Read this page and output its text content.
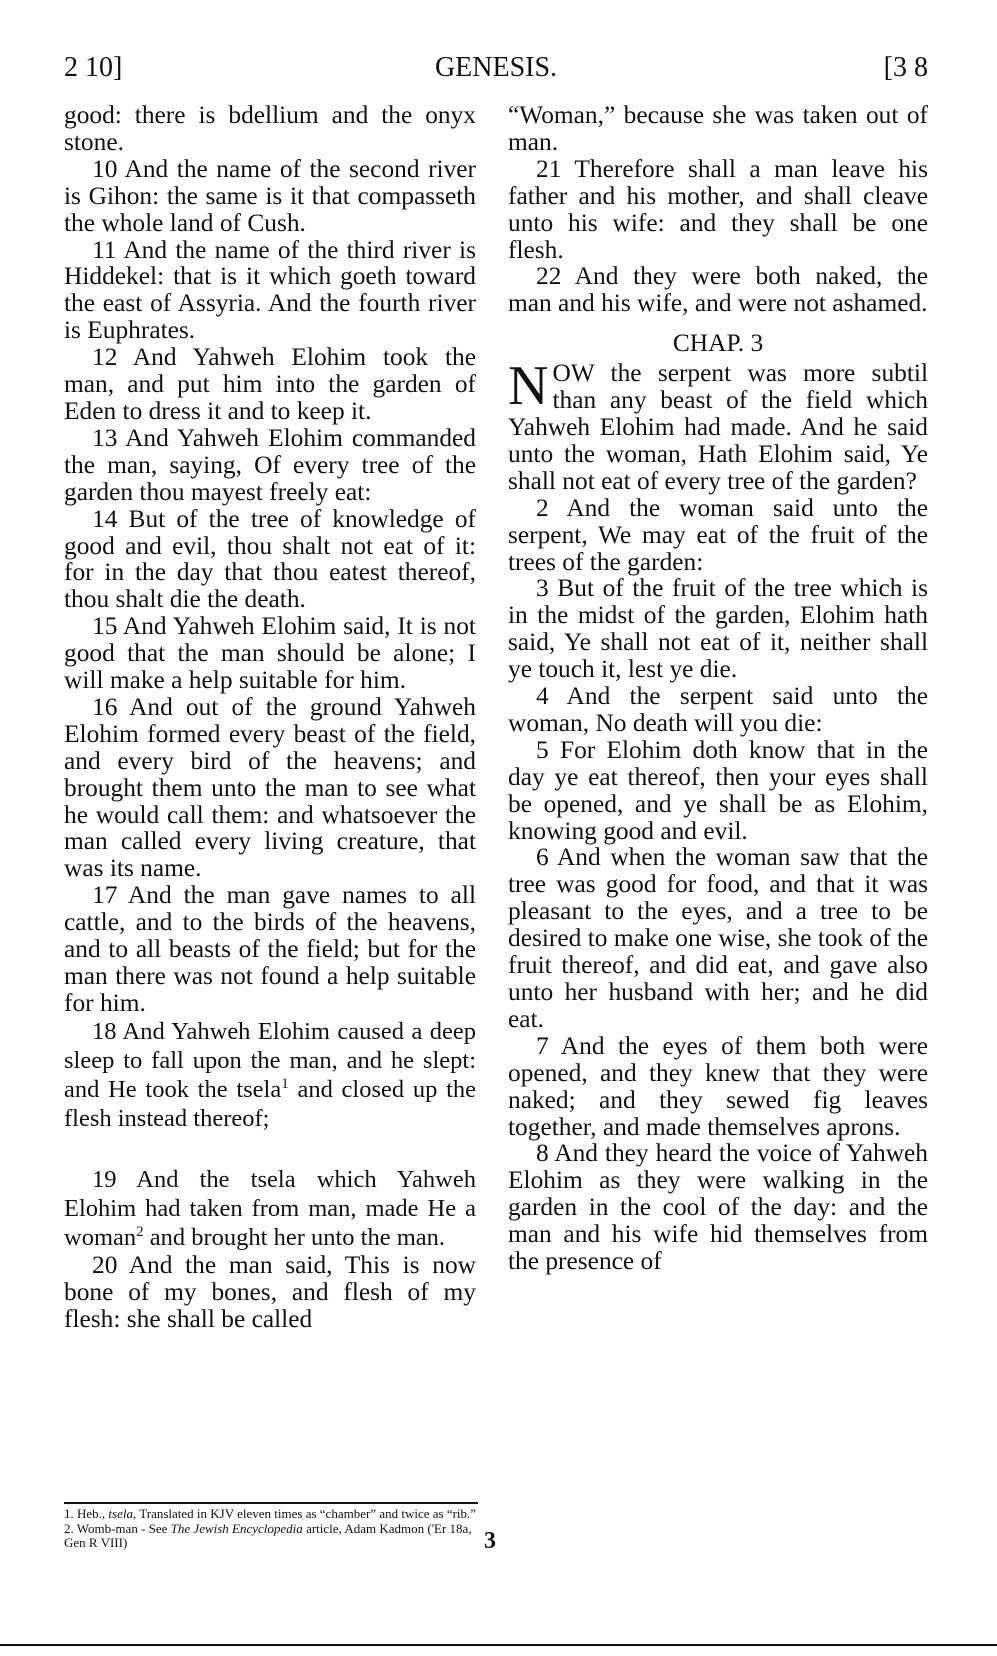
2 10]	GENESIS.	[3 8

good: there is bdellium and the onyx stone.

10 And the name of the second river is Gihon: the same is it that compasseth the whole land of Cush.

11 And the name of the third river is Hiddekel: that is it which goeth toward the east of Assyria. And the fourth river is Euphrates.

12 And Yahweh Elohim took the man, and put him into the garden of Eden to dress it and to keep it.

13 And Yahweh Elohim commanded the man, saying, Of every tree of the garden thou mayest freely eat:

14 But of the tree of knowledge of good and evil, thou shalt not eat of it: for in the day that thou eatest thereof, thou shalt die the death.

15 And Yahweh Elohim said, It is not good that the man should be alone; I will make a help suitable for him.

16 And out of the ground Yahweh Elohim formed every beast of the field, and every bird of the heavens; and brought them unto the man to see what he would call them: and whatsoever the man called every living creature, that was its name.

17 And the man gave names to all cattle, and to the birds of the heavens, and to all beasts of the field; but for the man there was not found a help suitable for him.

18 And Yahweh Elohim caused a deep sleep to fall upon the man, and he slept: and He took the tsela$^1$ and closed up the flesh instead thereof;

19 And the tsela which Yahweh Elohim had taken from man, made He a woman$^2$ and brought her unto the man.

20 And the man said, This is now bone of my bones, and flesh of my flesh: she shall be called

“Woman,” because she was taken out of man.

21 Therefore shall a man leave his father and his mother, and shall cleave unto his wife: and they shall be one flesh.

22 And they were both naked, the man and his wife, and were not ashamed.

CHAP. 3

NOW the serpent was more subtil than any beast of the field which Yahweh Elohim had made. And he said unto the woman, Hath Elohim said, Ye shall not eat of every tree of the garden?

2 And the woman said unto the serpent, We may eat of the fruit of the trees of the garden:

3 But of the fruit of the tree which is in the midst of the garden, Elohim hath said, Ye shall not eat of it, neither shall ye touch it, lest ye die.

4 And the serpent said unto the woman, No death will you die:

5 For Elohim doth know that in the day ye eat thereof, then your eyes shall be opened, and ye shall be as Elohim, knowing good and evil.

6 And when the woman saw that the tree was good for food, and that it was pleasant to the eyes, and a tree to be desired to make one wise, she took of the fruit thereof, and did eat, and gave also unto her husband with her; and he did eat.

7 And the eyes of them both were opened, and they knew that they were naked; and they sewed fig leaves together, and made themselves aprons.

8 And they heard the voice of Yahweh Elohim as they were walking in the garden in the cool of the day: and the man and his wife hid themselves from the presence of

1. Heb., tsela, Translated in KJV eleven times as “chamber” and twice as “rib.”

2. Womb-man - See The Jewish Encyclopedia article, Adam Kadmon ('Er 18a, Gen R VIII)	3
